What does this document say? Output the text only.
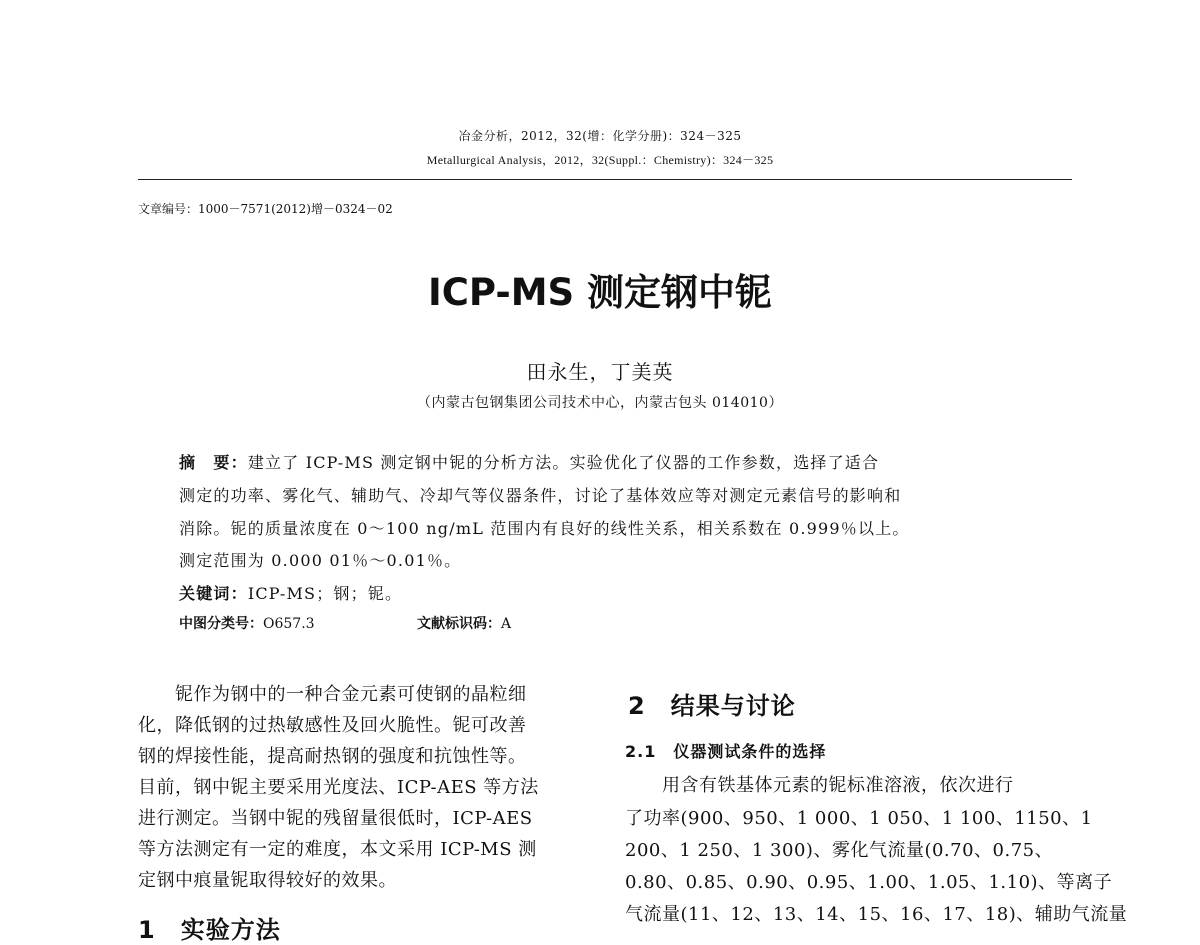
冶金分析，2012，32(增：化学分册)：324－325
Metallurgical Analysis，2012，32(Suppl.：Chemistry)：324－325
文章编号：1000－7571(2012)增－0324－02
ICP-MS 测定钢中铌
田永生，丁美英
（内蒙古包钢集团公司技术中心，内蒙古包头 014010）
摘　要：建立了 ICP-MS 测定钢中铌的分析方法。实验优化了仪器的工作参数，选择了适合
测定的功率、雾化气、辅助气、冷却气等仪器条件，讨论了基体效应等对测定元素信号的影响和
消除。铌的质量浓度在 0～100 ng/mL 范围内有良好的线性关系，相关系数在 0.999％以上。
测定范围为 0.000 01％～0.01％。
关键词：ICP-MS；钢；铌。
中图分类号：O657.3	文献标识码：A
　　铌作为钢中的一种合金元素可使钢的晶粒细
化，降低钢的过热敏感性及回火脆性。铌可改善
钢的焊接性能，提高耐热钢的强度和抗蚀性等。
目前，钢中铌主要采用光度法、ICP-AES 等方法
进行测定。当钢中铌的残留量很低时，ICP-AES
等方法测定有一定的难度，本文采用 ICP-MS 测
定钢中痕量铌取得较好的效果。
1　实验方法
2　结果与讨论
2.1　仪器测试条件的选择
　　用含有铁基体元素的铌标准溶液，依次进行
了功率(900、950、1 000、1 050、1 100、1150、1
200、1 250、1 300)、雾化气流量(0.70、0.75、
0.80、0.85、0.90、0.95、1.00、1.05、1.10)、等离子
气流量(11、12、13、14、15、16、17、18)、辅助气流量
